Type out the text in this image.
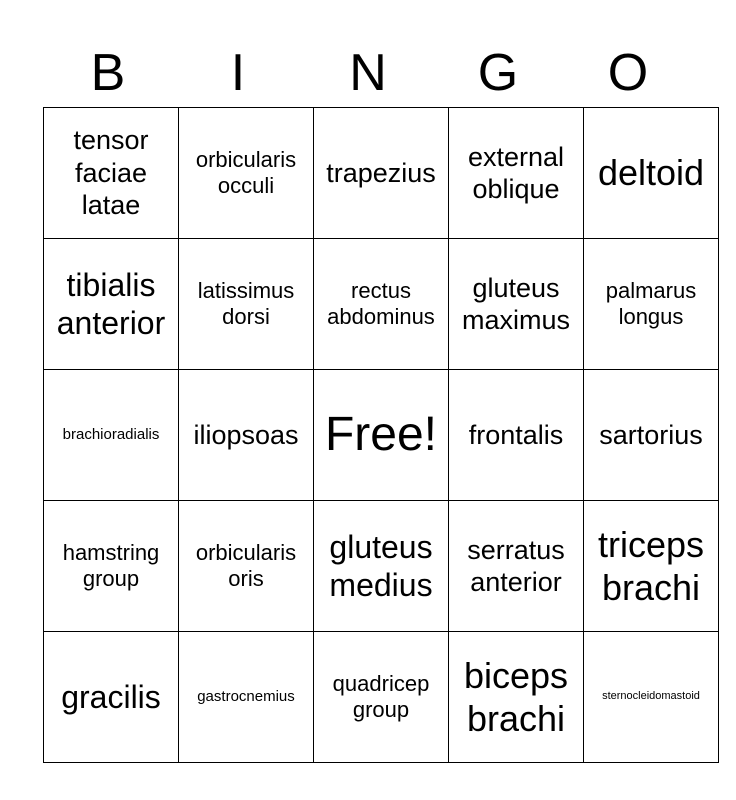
B	I	N	G	O
tensor faciae latae	orbicularis occuli	trapezius	external oblique	deltoid
tibialis anterior	latissimus dorsi	rectus abdominus	gluteus maximus	palmarus longus
brachioradialis	iliopsoas	Free!	frontalis	sartorius
hamstring group	orbicularis oris	gluteus medius	serratus anterior	triceps brachi
gracilis	gastrocnemius	quadricep group	biceps brachi	sternocleidomastoid
